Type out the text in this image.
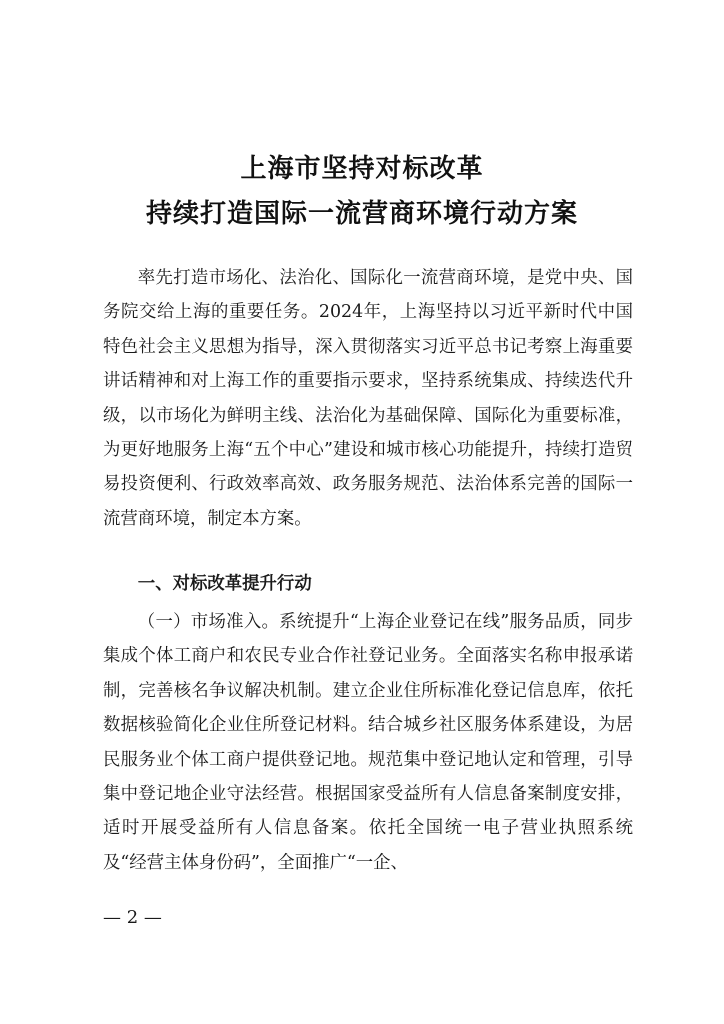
上海市坚持对标改革
持续打造国际一流营商环境行动方案

率先打造市场化、法治化、国际化一流营商环境，是党中央、国务院交给上海的重要任务。2024年，上海坚持以习近平新时代中国特色社会主义思想为指导，深入贯彻落实习近平总书记考察上海重要讲话精神和对上海工作的重要指示要求，坚持系统集成、持续迭代升级，以市场化为鲜明主线、法治化为基础保障、国际化为重要标准，为更好地服务上海“五个中心”建设和城市核心功能提升，持续打造贸易投资便利、行政效率高效、政务服务规范、法治体系完善的国际一流营商环境，制定本方案。

一、对标改革提升行动

（一）市场准入。系统提升“上海企业登记在线”服务品质，同步集成个体工商户和农民专业合作社登记业务。全面落实名称申报承诺制，完善核名争议解决机制。建立企业住所标准化登记信息库，依托数据核验简化企业住所登记材料。结合城乡社区服务体系建设，为居民服务业个体工商户提供登记地。规范集中登记地认定和管理，引导集中登记地企业守法经营。根据国家受益所有人信息备案制度安排，适时开展受益所有人信息备案。依托全国统一电子营业执照系统及“经营主体身份码”，全面推广“一企、

— 2 —
